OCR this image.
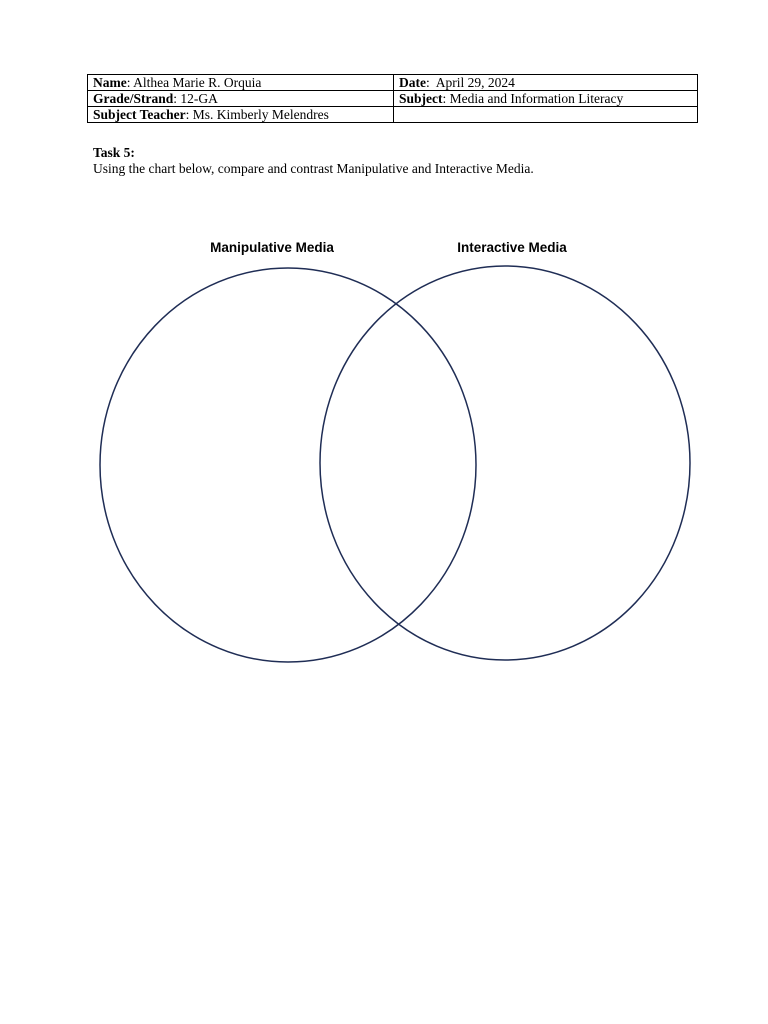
Name: Althea Marie R. Orquia	Date:  April 29, 2024
Grade/Strand: 12-GA	Subject: Media and Information Literacy
Subject Teacher: Ms. Kimberly Melendres	
Task 5:
Using the chart below, compare and contrast Manipulative and Interactive Media.
Manipulative Media	Interactive Media
